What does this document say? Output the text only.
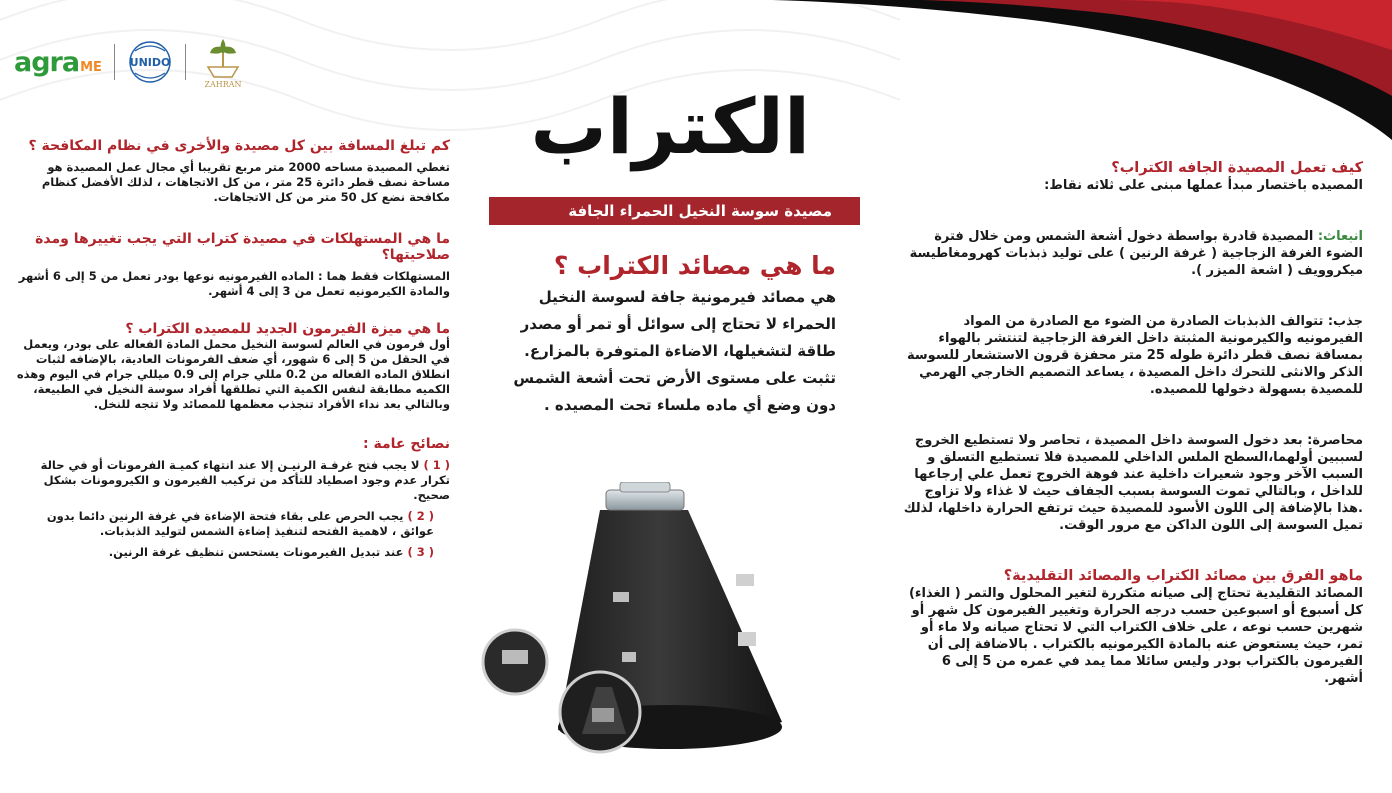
agraME	UNIDO
ZAHRAN	الكتراب
مصيدة سوسة النخيل الحمراء الجافة
ما هي مصائد الكتراب ؟
هي مصائد فيرمونية جافة لسوسة النخيل
الحمراء لا تحتاج إلى سوائل أو تمر أو مصدر
طاقة لتشغيلها، الاضاءة المتوفرة بالمزارع.
تثبت على مستوى الأرض تحت أشعة الشمس
دون وضع أي ماده ملساء تحت المصيده .

كيف تعمل المصيدة الجافه الكتراب؟

المصيده باختصار مبدأ عملها مبنى على ثلاثه نقاط:

انبعاث: المصيدة قادرة بواسطة دخول أشعة الشمس ومن خلال فترة الضوء الغرفة الزجاجية ( غرفة الرنين ) على توليد ذبذبات كهرومغاطيسة ميكروويف ( اشعة الميزر ).

جذب: تتوالف الذبذبات الصادرة من الضوء مع الصادرة من المواد الفيرمونيه والكيرمونية المثبتة داخل الغرفة الزجاجية لتنتشر بالهواء بمسافة نصف قطر دائرة طوله 25 متر محفزة قرون الاستشعار للسوسة الذكر والانثى للتحرك داخل المصيدة ، يساعد التصميم الخارجي الهرمي للمصيدة بسهولة دخولها للمصيده.

محاصرة: بعد دخول السوسة داخل المصيدة ، تحاصر ولا تستطيع الخروج لسببين أولهما،السطح الملس الداخلي للمصيدة فلا تستطيع التسلق و السبب الآخر وجود شعيرات داخلية عند فوهة الخروج تعمل علي إرجاعها للداخل ، وبالتالي تموت السوسة بسبب الجفاف حيث لا غذاء ولا تزاوج .هذا بالإضافة إلى اللون الأسود للمصيدة حيث ترتفع الحرارة داخلها، لذلك تميل السوسة إلى اللون الداكن مع مرور الوقت.

ماهو الفرق بين مصائد الكتراب والمصائد التقليدية؟

المصائد التقليدية تحتاج إلى صيانه متكررة لتغير المحلول والتمر ( الغذاء) كل أسبوع أو اسبوعين حسب درجه الحرارة وتغيير الفيرمون كل شهر أو شهرين حسب نوعه ، على خلاف الكتراب التي لا تحتاج صيانه ولا ماء أو تمر، حيث يستعوض عنه بالمادة الكيرمونيه بالكتراب . بالاضافة إلى أن الفيرمون بالكتراب بودر وليس سائلا مما يمد في عمره من 5 إلى 6 أشهر.

كم تبلغ المسافة بين كل مصيدة والأخرى في نظام المكافحة ؟

تغطي المصيدة مساحه 2000 متر مربع تقريبا أي مجال عمل المصيدة هو مساحة نصف قطر دائرة 25 متر ، من كل الاتجاهات ، لذلك الأفضل كنظام مكافحة نضع كل 50 متر من كل الاتجاهات.

ما هي المستهلكات في مصيدة كتراب التي يجب تغييرها ومدة صلاحيتها؟

المستهلكات فقط هما : الماده الفيرمونيه نوعها بودر تعمل من 5 إلى 6 أشهر والمادة الكيرمونيه تعمل من 3 إلى 4 أشهر.

ما هي ميزة الفيرمون الجديد للمصيده الكتراب ؟

أول فرمون في العالم لسوسة النخيل محمل المادة الفعاله على بودر، ويعمل في الحقل من 5 إلى 6 شهور، أي ضعف الفرمونات العادية، بالإضافه لثبات انطلاق الماده الفعاله من 0.2 مللي جرام إلى 0.9 ميللي جرام في اليوم وهذه الكميه مطابقة لنفس الكمية التي تطلقها أفراد سوسة النخيل في الطبيعة، وبالتالي بعد نداء الأفراد تنجذب معظمها للمصائد ولا تتجه للنخل.

نصائح عامة :

( 1 ) لا يجب فتح غرفـة الرنيـن إلا عند انتهاء كميـة الفرمونات أو في حالة تكرار عدم وجود اصطياد للتأكد من تركيب الفيرمون و الكيرومونات بشكل صحيح.

( 2 ) يجب الحرص على بقاء فتحة الإضاءة في غرفة الرنين دائما بدون عوائق ، لاهمية الفتحه لتنفيذ إضاءة الشمس لتوليد الذبذبات.

( 3 ) عند تبديل الفيرمونات يستحسن تنظيف غرفة الرنين.
